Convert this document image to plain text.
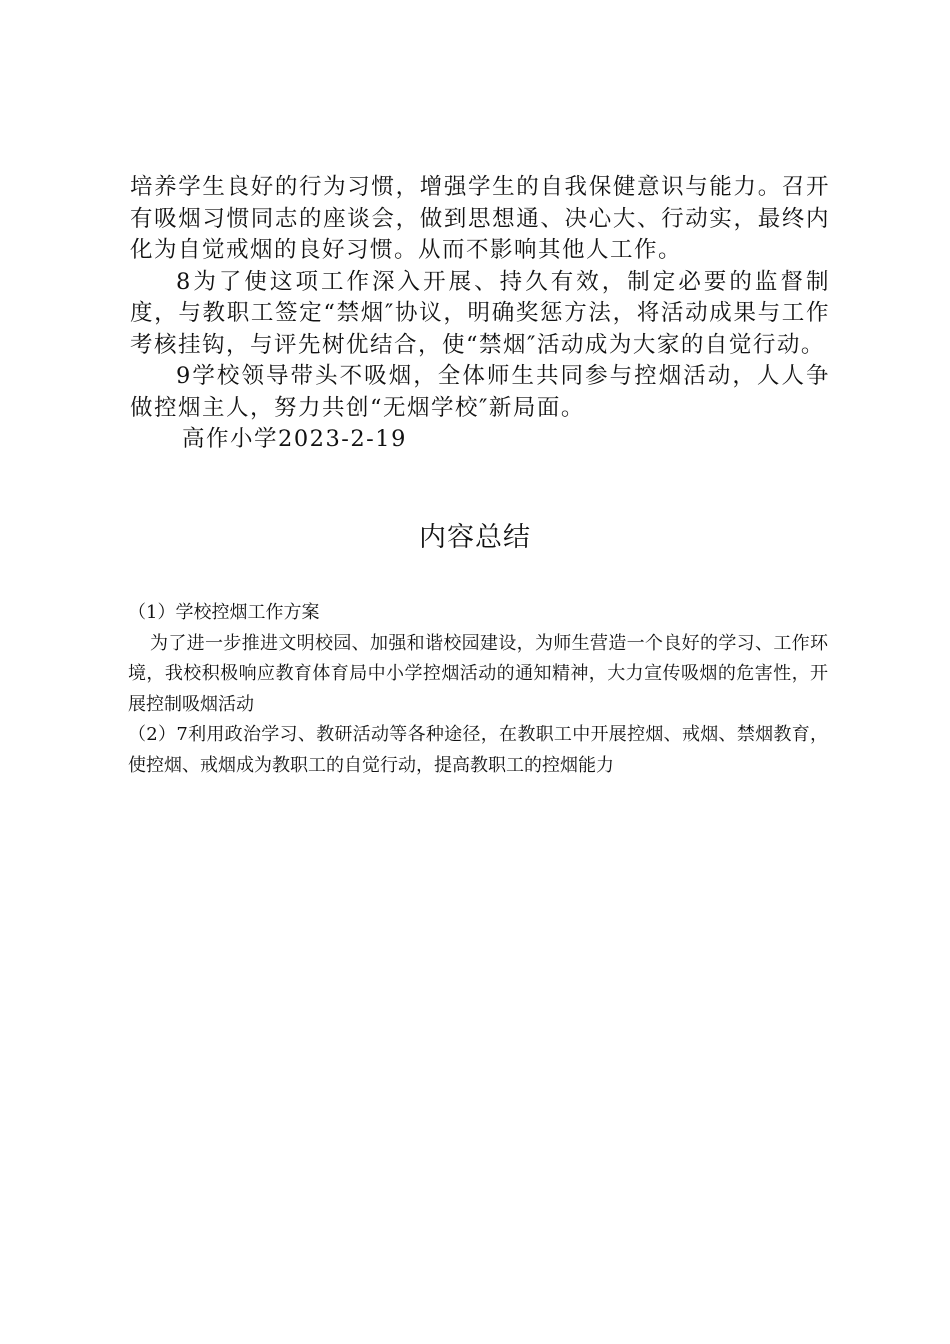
培养学生良好的行为习惯，增强学生的自我保健意识与能力。召开有吸烟习惯同志的座谈会，做到思想通、决心大、行动实，最终内化为自觉戒烟的良好习惯。从而不影响其他人工作。

8为了使这项工作深入开展、持久有效，制定必要的监督制度，与教职工签定“禁烟″协议，明确奖惩方法，将活动成果与工作考核挂钩，与评先树优结合，使“禁烟″活动成为大家的自觉行动。

9学校领导带头不吸烟，全体师生共同参与控烟活动，人人争做控烟主人，努力共创“无烟学校″新局面。

高作小学2023-2-19

内容总结

（1）学校控烟工作方案

为了进一步推进文明校园、加强和谐校园建设，为师生营造一个良好的学习、工作环境，我校积极响应教育体育局中小学控烟活动的通知精神，大力宣传吸烟的危害性，开展控制吸烟活动

（2）7利用政治学习、教研活动等各种途径，在教职工中开展控烟、戒烟、禁烟教育，使控烟、戒烟成为教职工的自觉行动，提高教职工的控烟能力
